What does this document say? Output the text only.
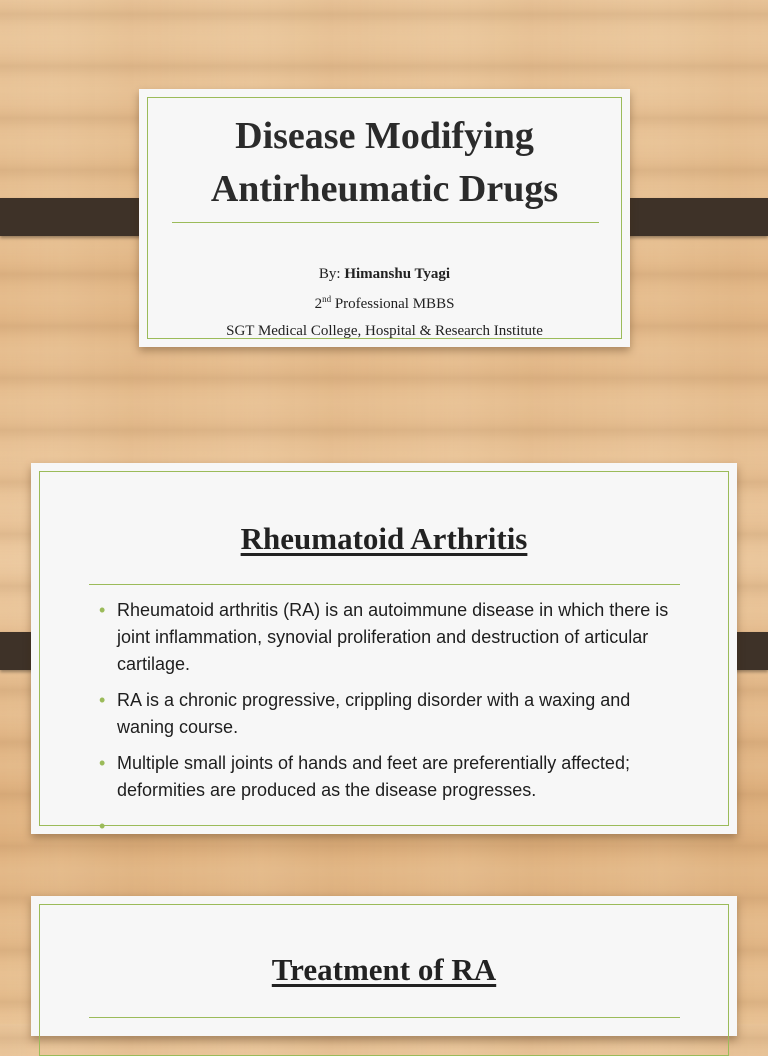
Disease Modifying
Antirheumatic Drugs
By: Himanshu Tyagi
2nd Professional MBBS
SGT Medical College, Hospital & Research Institute
Rheumatoid Arthritis
• Rheumatoid arthritis (RA) is an autoimmune disease in which there is joint inflammation, synovial proliferation and destruction of articular cartilage.
• RA is a chronic progressive, crippling disorder with a waxing and waning course.
• Multiple small joints of hands and feet are preferentially affected; deformities are produced as the disease progresses.
•
Treatment of RA
